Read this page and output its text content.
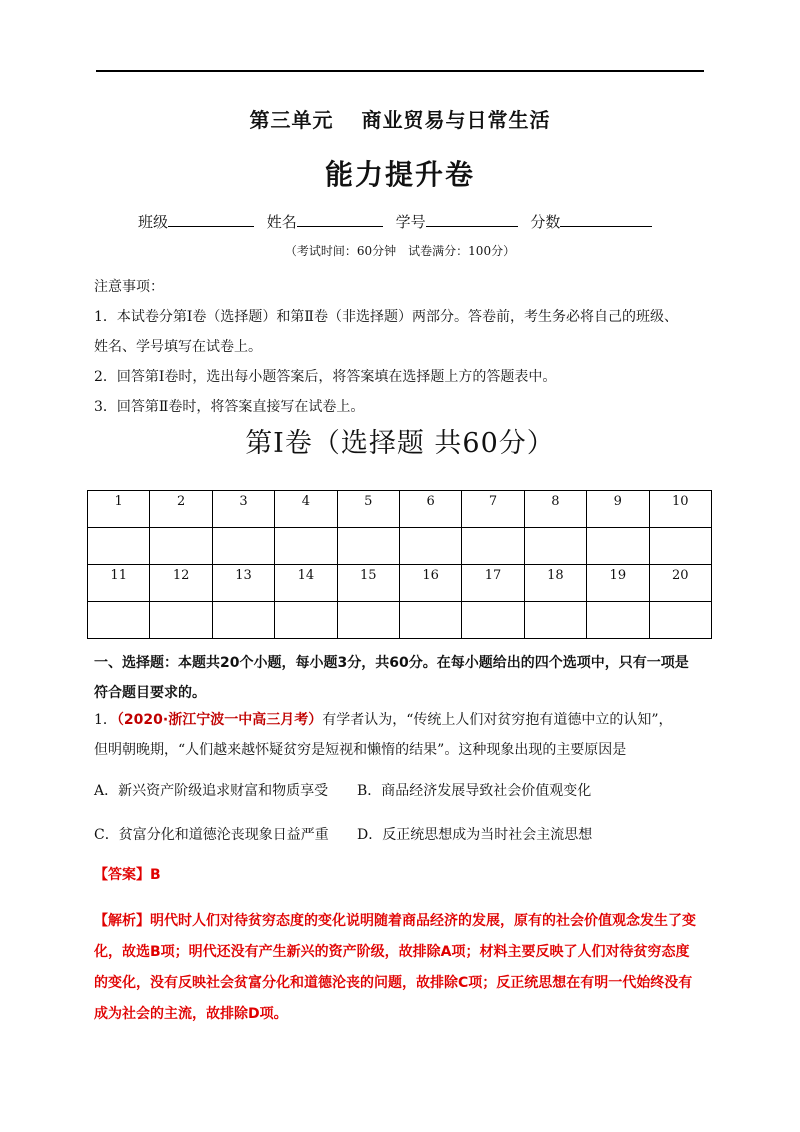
第三单元 商业贸易与日常生活
能力提升卷
班级	姓名	学号	分数
（考试时间：60分钟　试卷满分：100分）

注意事项：

1．本试卷分第Ⅰ卷（选择题）和第Ⅱ卷（非选择题）两部分。答卷前，考生务必将自己的班级、

姓名、学号填写在试卷上。

2．回答第Ⅰ卷时，选出每小题答案后，将答案填在选择题上方的答题表中。

3．回答第Ⅱ卷时，将答案直接写在试卷上。

第Ⅰ卷（选择题 共60分）
1	2	3	4	5	6	7	8	9	10

11	12	13	14	15	16	17	18	19	20

一、选择题：本题共20个小题，每小题3分，共60分。在每小题给出的四个选项中，只有一项是
符合题目要求的。
1．（2020·浙江宁波一中高三月考）有学者认为，“传统上人们对贫穷抱有道德中立的认知”，
但明朝晚期，“人们越来越怀疑贫穷是短视和懒惰的结果”。这种现象出现的主要原因是
A．新兴资产阶级追求财富和物质享受 B．商品经济发展导致社会价值观变化
C．贫富分化和道德沦丧现象日益严重 D．反正统思想成为当时社会主流思想
【答案】B
【解析】明代时人们对待贫穷态度的变化说明随着商品经济的发展，原有的社会价值观念发生了变
化，故选B项；明代还没有产生新兴的资产阶级，故排除A项；材料主要反映了人们对待贫穷态度
的变化，没有反映社会贫富分化和道德沦丧的问题，故排除C项；反正统思想在有明一代始终没有
成为社会的主流，故排除D项。
